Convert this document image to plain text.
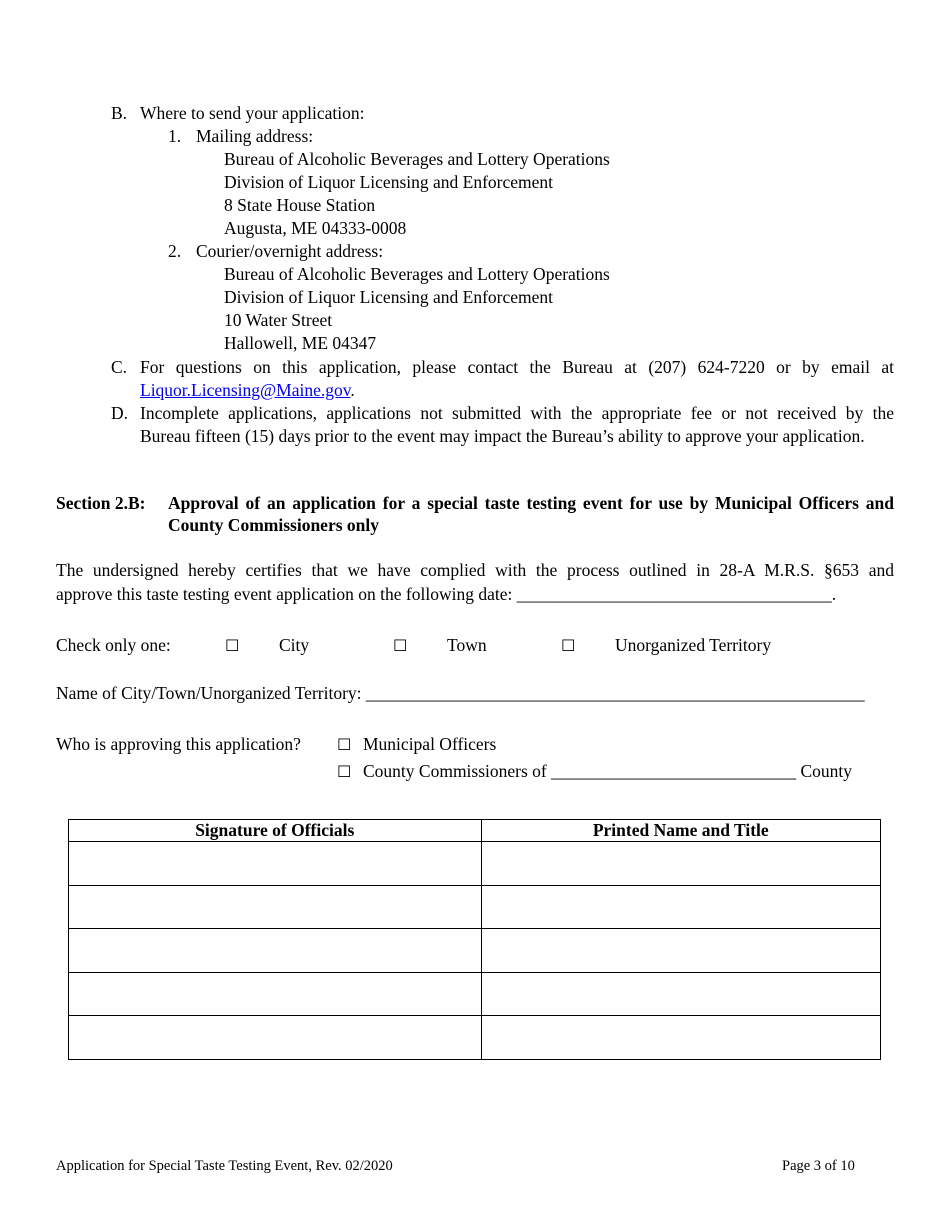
B. Where to send your application:
1. Mailing address:
Bureau of Alcoholic Beverages and Lottery Operations
Division of Liquor Licensing and Enforcement
8 State House Station
Augusta, ME 04333-0008
2. Courier/overnight address:
Bureau of Alcoholic Beverages and Lottery Operations
Division of Liquor Licensing and Enforcement
10 Water Street
Hallowell, ME 04347
C. For questions on this application, please contact the Bureau at (207) 624-7220 or by email at
Liquor.Licensing@Maine.gov.
D. Incomplete applications, applications not submitted with the appropriate fee or not received by the
Bureau fifteen (15) days prior to the event may impact the Bureau’s ability to approve your application.
Section 2.B: Approval of an application for a special taste testing event for use by Municipal Officers and
County Commissioners only
The undersigned hereby certifies that we have complied with the process outlined in 28-A M.R.S. §653 and
approve this taste testing event application on the following date: ____________________________________.
Check only one:	☐ City	☐ Town	☐ Unorganized Territory
Name of City/Town/Unorganized Territory: _________________________________________________________
Who is approving this application? ☐ Municipal Officers
☐ County Commissioners of ____________________________ County
Signature of Officials	Printed Name and Title

Application for Special Taste Testing Event, Rev. 02/2020	Page 3 of 10
